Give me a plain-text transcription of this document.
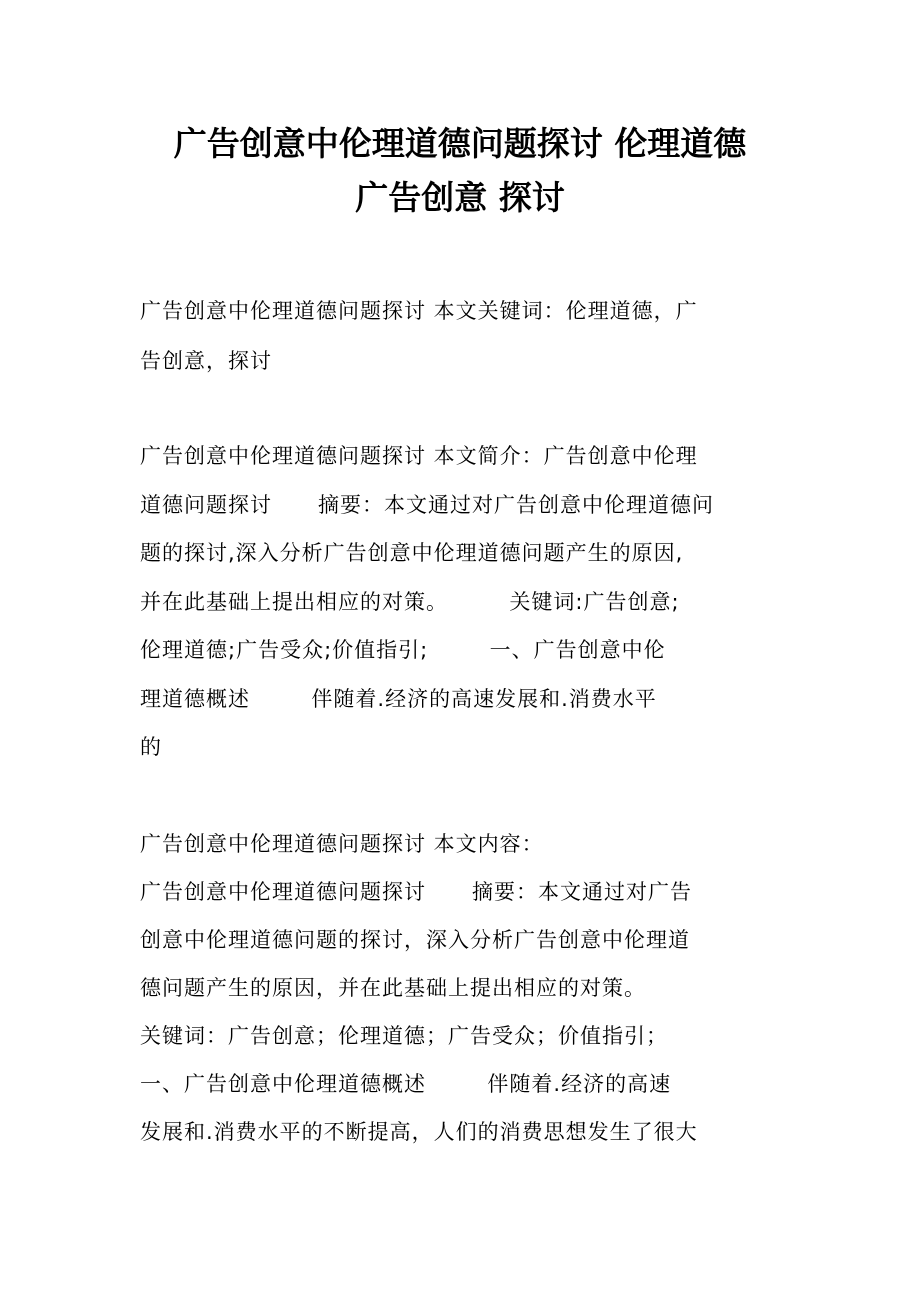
广告创意中伦理道德问题探讨 伦理道德
广告创意 探讨
广告创意中伦理道德问题探讨 本文关键词：伦理道德，广
告创意，探讨
广告创意中伦理道德问题探讨 本文简介：广告创意中伦理
道德问题探讨      摘要：本文通过对广告创意中伦理道德问
题的探讨,深入分析广告创意中伦理道德问题产生的原因,
并在此基础上提出相应的对策。        关键词:广告创意;
伦理道德;广告受众;价值指引;        一、广告创意中伦
理道德概述        伴随着.经济的高速发展和.消费水平
的
广告创意中伦理道德问题探讨 本文内容：
广告创意中伦理道德问题探讨      摘要：本文通过对广告
创意中伦理道德问题的探讨，深入分析广告创意中伦理道
德问题产生的原因，并在此基础上提出相应的对策。
关键词：广告创意；伦理道德；广告受众；价值指引；
一、广告创意中伦理道德概述        伴随着.经济的高速
发展和.消费水平的不断提高，人们的消费思想发生了很大
